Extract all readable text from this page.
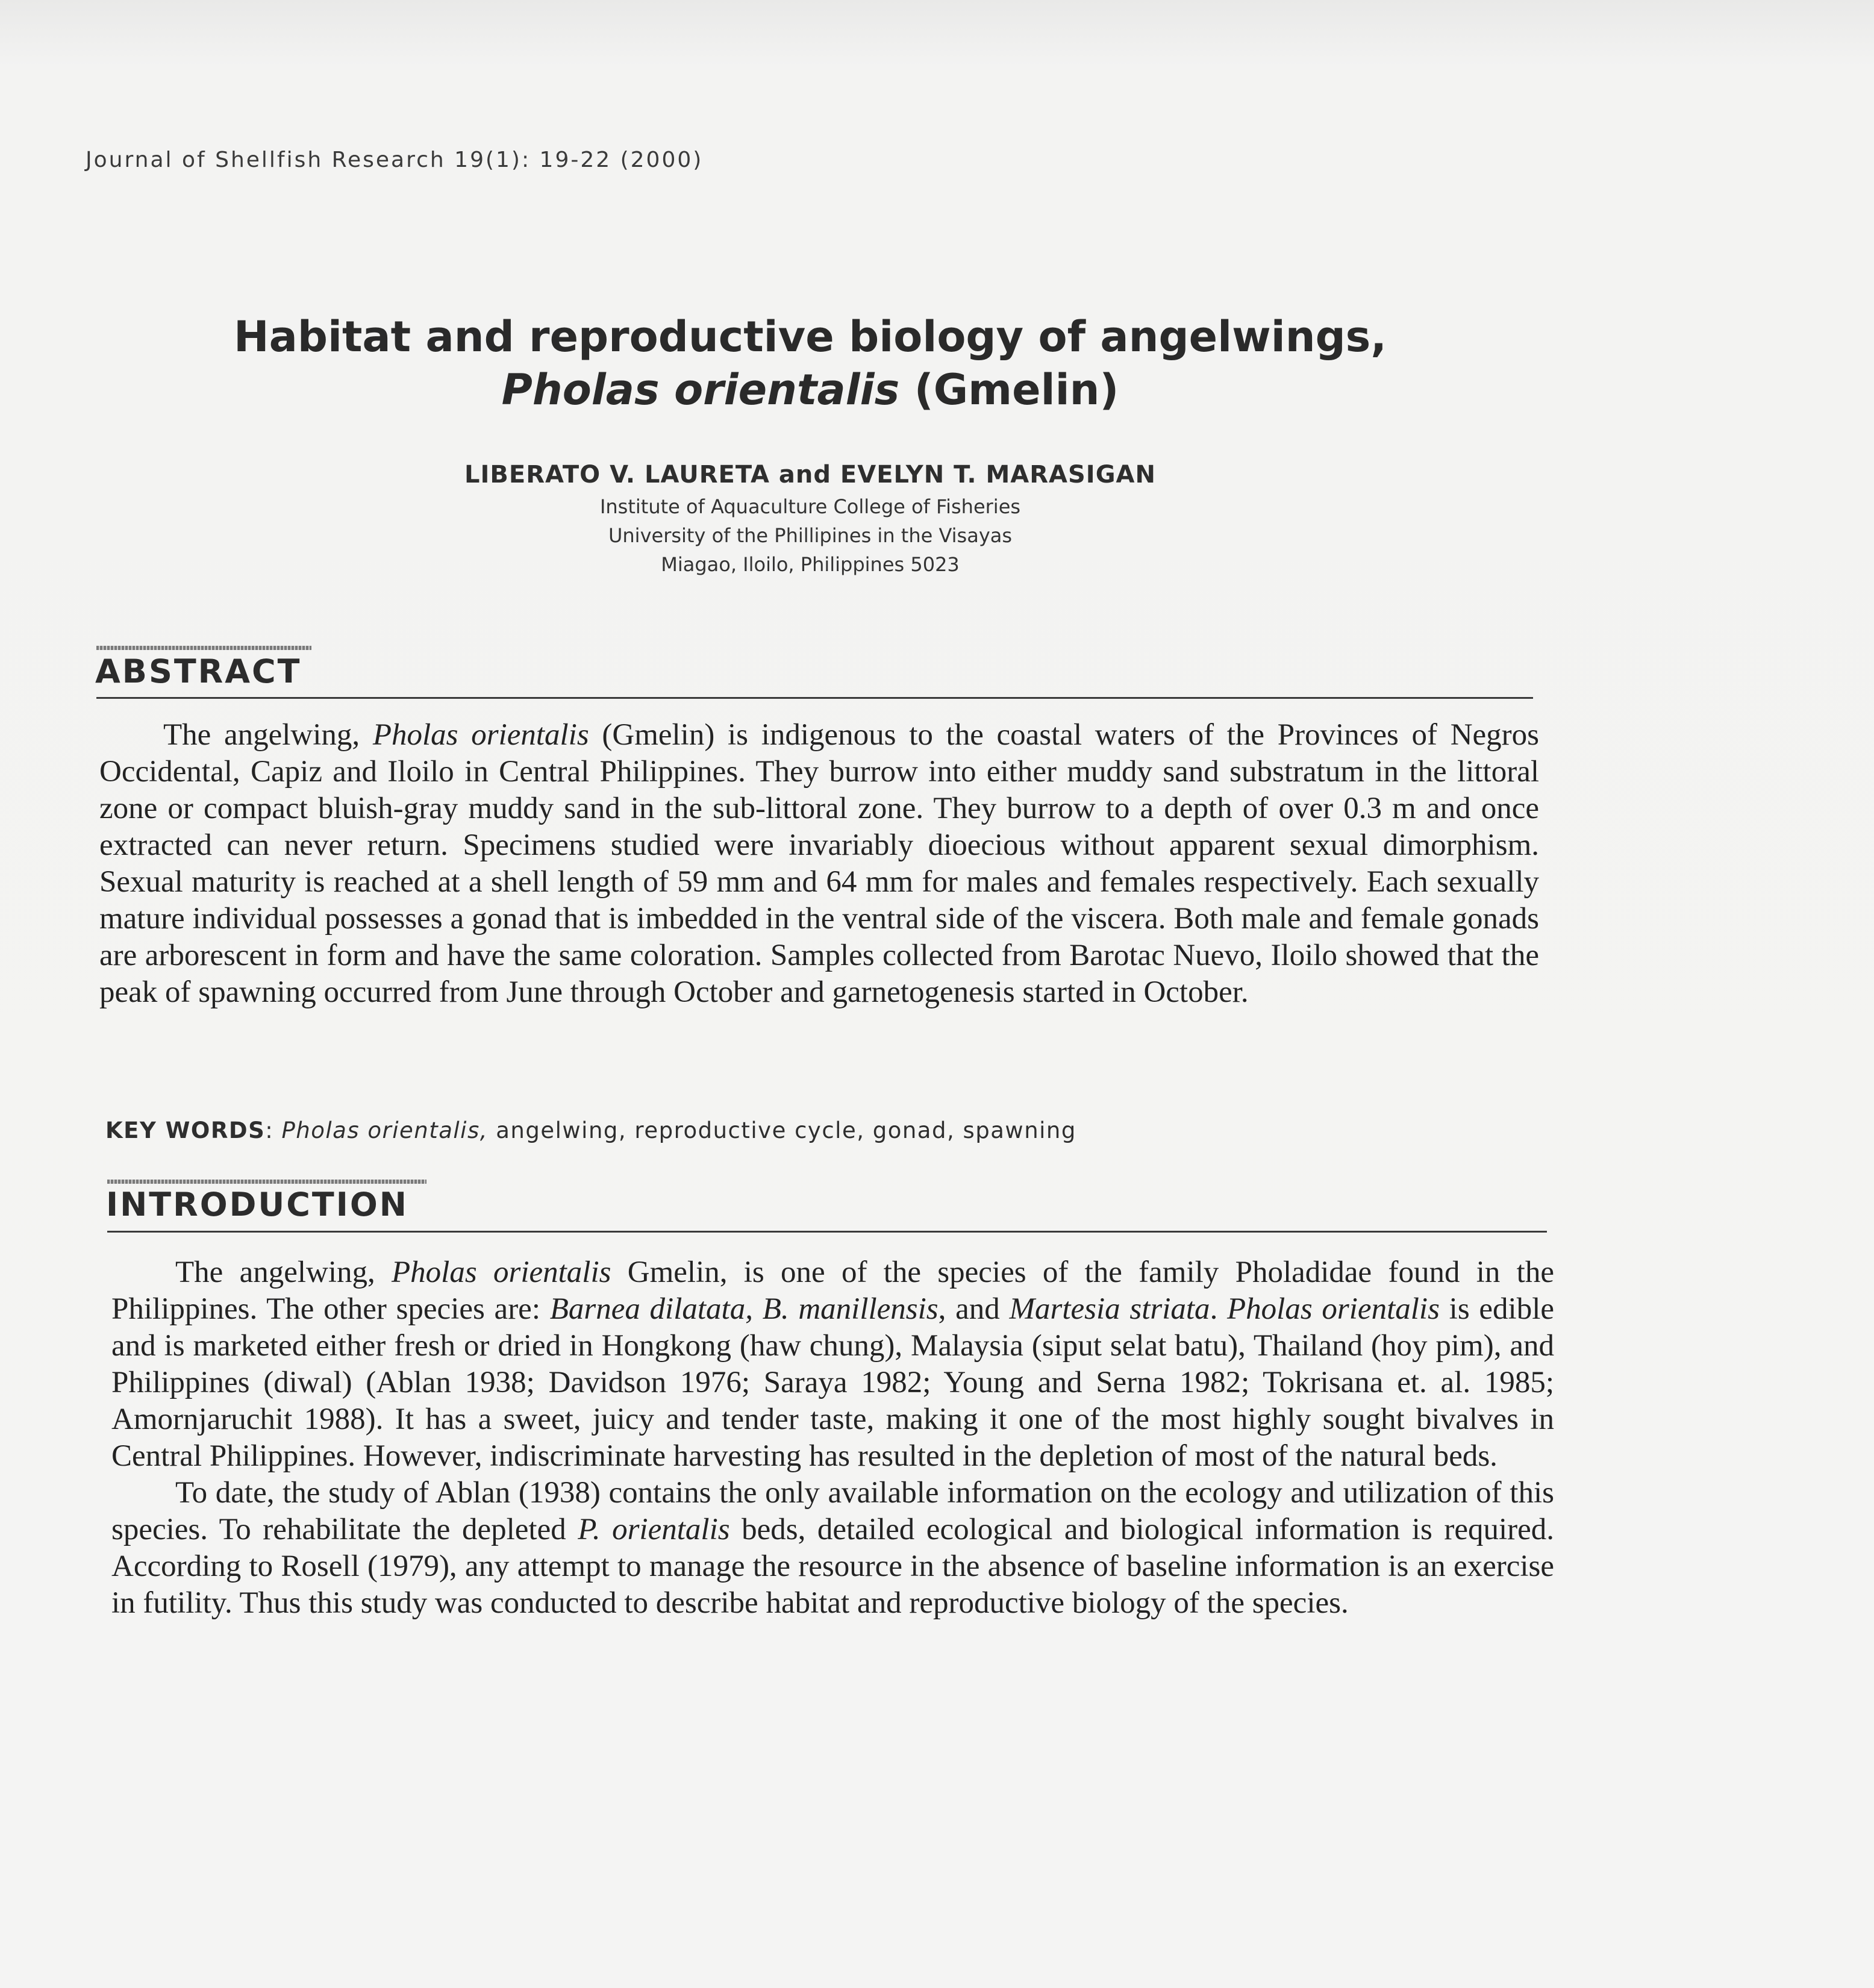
Journal of Shellfish Research 19(1): 19-22 (2000)
Habitat and reproductive biology of angelwings,
Pholas orientalis (Gmelin)
LIBERATO V. LAURETA and EVELYN T. MARASIGAN
Institute of Aquaculture College of Fisheries
University of the Phillipines in the Visayas
Miagao, Iloilo, Philippines 5023
ABSTRACT

The angelwing, Pholas orientalis (Gmelin) is indigenous to the coastal waters of the Provinces of Negros Occidental, Capiz and Iloilo in Central Philippines. They burrow into either muddy sand substratum in the littoral zone or compact bluish-gray muddy sand in the sub-littoral zone. They burrow to a depth of over 0.3 m and once extracted can never return. Specimens studied were invariably dioecious without apparent sexual dimorphism. Sexual maturity is reached at a shell length of 59 mm and 64 mm for males and females respectively. Each sexually mature individual possesses a gonad that is imbedded in the ventral side of the viscera. Both male and female gonads are arborescent in form and have the same coloration. Samples collected from Barotac Nuevo, Iloilo showed that the peak of spawning occurred from June through October and garnetogenesis started in October.

KEY WORDS: Pholas orientalis, angelwing, reproductive cycle, gonad, spawning
INTRODUCTION

The angelwing, Pholas orientalis Gmelin, is one of the species of the family Pholadidae found in the Philippines. The other species are: Barnea dilatata, B. manillensis, and Martesia striata. Pholas orientalis is edible and is marketed either fresh or dried in Hongkong (haw chung), Malaysia (siput selat batu), Thailand (hoy pim), and Philippines (diwal) (Ablan 1938; Davidson 1976; Saraya 1982; Young and Serna 1982; Tokrisana et. al. 1985; Amornjaruchit 1988). It has a sweet, juicy and tender taste, making it one of the most highly sought bivalves in Central Philippines. However, indiscriminate harvesting has resulted in the depletion of most of the natural beds.

To date, the study of Ablan (1938) contains the only available information on the ecology and utilization of this species. To rehabilitate the depleted P. orientalis beds, detailed ecological and biological information is required. According to Rosell (1979), any attempt to manage the resource in the absence of baseline information is an exercise in futility. Thus this study was conducted to describe habitat and reproductive biology of the species.
